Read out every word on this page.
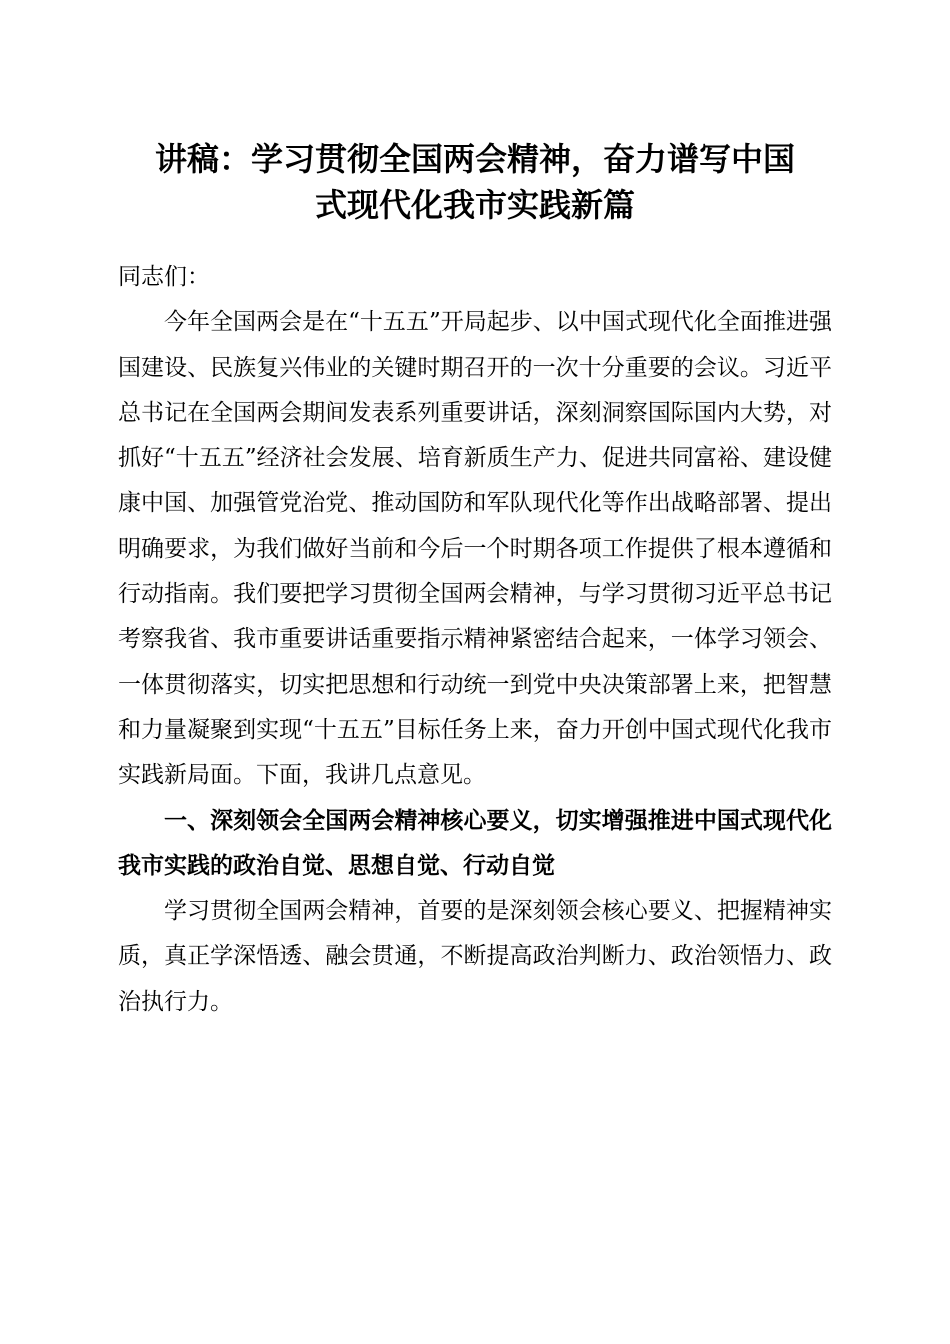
讲稿：学习贯彻全国两会精神，奋力谱写中国
式现代化我市实践新篇

同志们：

今年全国两会是在“十五五”开局起步、以中国式现代化全面推进强国建设、民族复兴伟业的关键时期召开的一次十分重要的会议。习近平总书记在全国两会期间发表系列重要讲话，深刻洞察国际国内大势，对抓好“十五五”经济社会发展、培育新质生产力、促进共同富裕、建设健康中国、加强管党治党、推动国防和军队现代化等作出战略部署、提出明确要求，为我们做好当前和今后一个时期各项工作提供了根本遵循和行动指南。我们要把学习贯彻全国两会精神，与学习贯彻习近平总书记考察我省、我市重要讲话重要指示精神紧密结合起来，一体学习领会、一体贯彻落实，切实把思想和行动统一到党中央决策部署上来，把智慧和力量凝聚到实现“十五五”目标任务上来，奋力开创中国式现代化我市实践新局面。下面，我讲几点意见。

一、深刻领会全国两会精神核心要义，切实增强推进中国式现代化我市实践的政治自觉、思想自觉、行动自觉

学习贯彻全国两会精神，首要的是深刻领会核心要义、把握精神实质，真正学深悟透、融会贯通，不断提高政治判断力、政治领悟力、政治执行力。
